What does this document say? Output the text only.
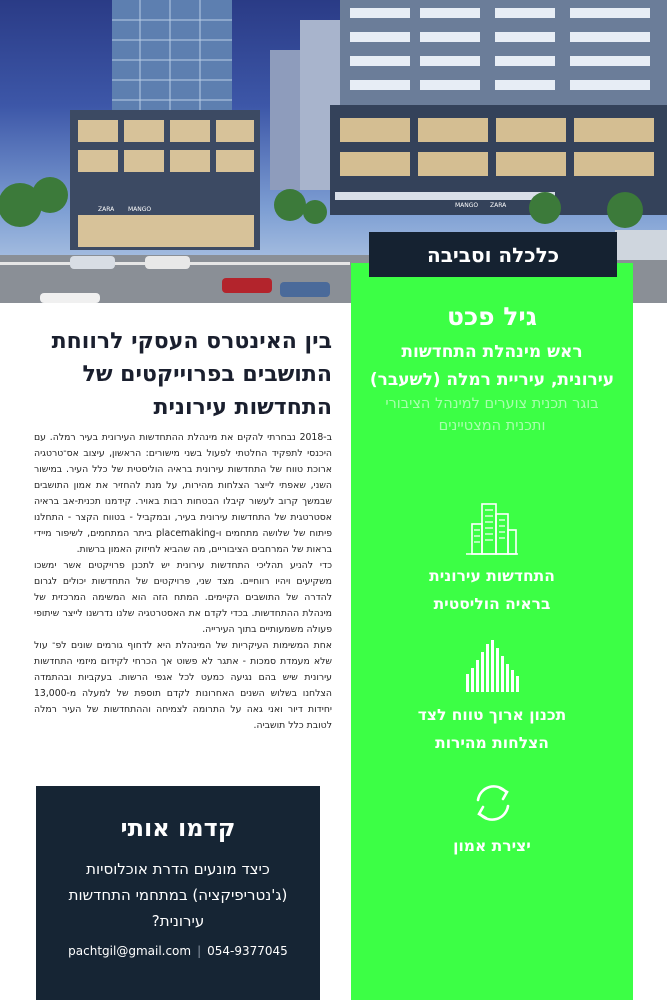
ZARA MANGO
MANGO ZARA
כלכלה וסביבה
גיל פכט
ראש מינהלת התחדשות
עירונית, עיריית רמלה (לשעבר)
בוגר תכנית צוערים למינהל הציבורי
ותכנית המצטיינים
התחדשות עירונית
בראיה הוליסטית
תכנון ארוך טווח לצד
הצלחות מהירות
יצירת אמון
בין האינטרס העסקי לרווחת
התושבים בפרוייקטים של
התחדשות עירונית

ב-2018 נבחרתי להקים את מינהלת ההתחדשות העירונית בעיר רמלה. עם היכנסי לתפקיד החלטתי לפעול בשני מישורים: הראשון, עיצוב אס־טרטגיה ארוכת טווח של התחדשות עירונית בראיה הוליסטית של כלל העיר. במישור השני, שאפתי לייצר הצלחות מהירות, על מנת להחזיר את אמון התושבים שבמשך קרוב לעשור קיבלו הבטחות רבות באויר. קידמנו תכנית-אב בראיה אסטרטגית של התחדשות עירונית בעיר, ובמקביל - בטווח הקצר - התחלנו פיתוח של שלושה מתחמים ו-placemaking ביתר המתחמים, לשיפור מיידי בראות של המרחבים הציבוריים, מה שהביא לחיזוק האמון ברשות.

כדי להניע תהליכי התחדשות עירונית יש לתכנן פרויקטים אשר ימשכו משקיעים ויהיו רווחיים. מצד שני, פרויקטים של התחדשות יכולים לגרום להדרה של התושבים הקיימים. המתח הזה הוא המשימה המרכזית של מינהלת ההתחדשות. בכדי לקדם את האסטרטגיה שלנו נדרשנו לייצר שיתופי פעולה משמעותיים בתוך העירייה.

אחת המשימות העיקריות של המינהלת היא לדחוף גורמים שונים לפ־ עול שלא מעמדת סמכות - אתגר לא פשוט אך הכרחי לקידום מיזמי התחדשות עירונית שיש בהם נגיעה כמעט לכל אגפי הרשות. בעקביות ובהתמדה הצלחנו בשלוש השנים האחרונות לקדם תוספת של למעלה מ-13,000 יחידות דיור ואני גאה על התרומה לצמיחה וההתחדשות של העיר רמלה לטובת כלל תושביה.

קדמו אותי
כיצד מונעים הדרת אוכלוסיות (ג'נטריפיקציה) במתחמי התחדשות עירונית?
pachtgil@gmail.com | 054-9377045
